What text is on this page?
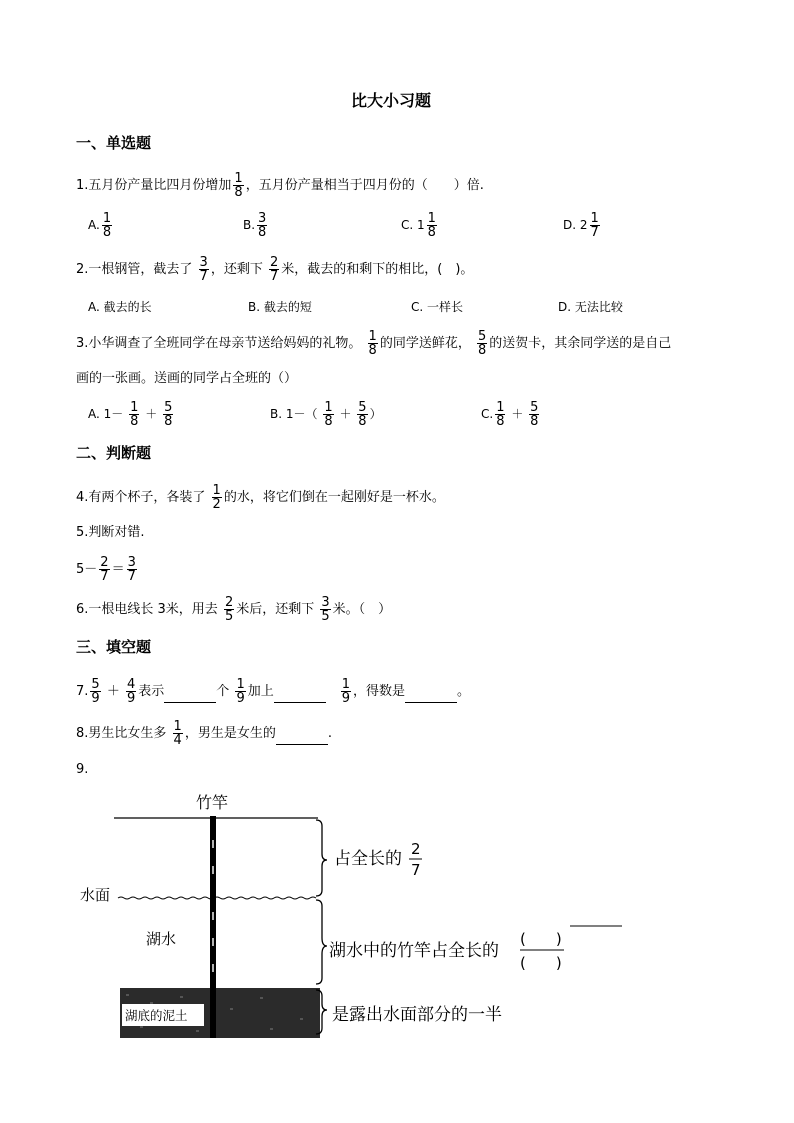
比大小习题
一、单选题
1.五月份产量比四月份增加 $\frac{1}{8}$ ，五月份产量相当于四月份的（　　）倍.
A. $\frac{1}{8}$	B. $\frac{3}{8}$	C. $1 \frac{1}{8}$	D. $2 \frac{1}{7}$
2.一根钢管，截去了 $\frac{3}{7}$ ，还剩下 $\frac{2}{7}$ 米，截去的和剩下的相比，(　)。
A. 截去的长	B. 截去的短	C. 一样长	D. 无法比较
3.小华调查了全班同学在母亲节送给妈妈的礼物。 $\frac{1}{8}$ 的同学送鲜花， $\frac{5}{8}$ 的送贺卡，其余同学送的是自己
画的一张画。送画的同学占全班的（）
A. $1- \frac{1}{8} + \frac{5}{8}$	B. $1-( \frac{1}{8} + \frac{5}{8}$ ）	C. $\frac{1}{8} + \frac{5}{8}$
二、判断题
4.有两个杯子，各装了 $\frac{1}{2}$ 的水，将它们倒在一起刚好是一杯水。
5.判断对错.
$5- \frac{2}{7} = \frac{3}{7}$
6.一根电线长 3米，用去 $\frac{2}{5}$ 米后，还剩下 $\frac{3}{5}$ 米。（　）
三、填空题
7. $\frac{5}{9} + \frac{4}{9}$ 表示	个 $\frac{1}{9}$ 加上 　	$\frac{1}{9}$ ，得数是	。
8.男生比女生多 $\frac{1}{4}$ ，男生是女生的	.
9.
竹竿
水面
湖水
湖底的泥土
占全长的 2
7
湖水中的竹竿占全长的
(　　)
(　　)
是露出水面部分的一半
